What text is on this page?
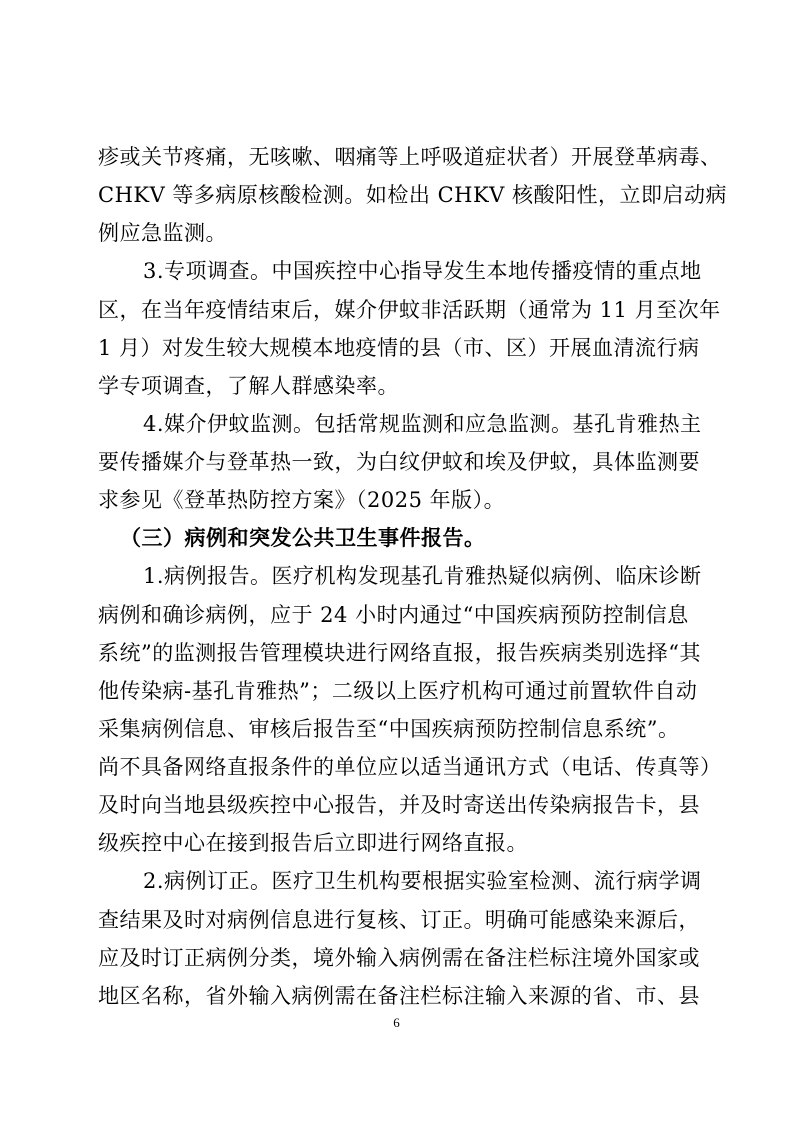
疹或关节疼痛，无咳嗽、咽痛等上呼吸道症状者）开展登革病毒、
CHKV 等多病原核酸检测。如检出 CHKV 核酸阳性，立即启动病
例应急监测。
3.专项调查。中国疾控中心指导发生本地传播疫情的重点地
区，在当年疫情结束后，媒介伊蚊非活跃期（通常为 11 月至次年
1 月）对发生较大规模本地疫情的县（市、区）开展血清流行病
学专项调查，了解人群感染率。
4.媒介伊蚊监测。包括常规监测和应急监测。基孔肯雅热主
要传播媒介与登革热一致，为白纹伊蚊和埃及伊蚊，具体监测要
求参见《登革热防控方案》（2025 年版）。
（三）病例和突发公共卫生事件报告。
1.病例报告。医疗机构发现基孔肯雅热疑似病例、临床诊断
病例和确诊病例，应于 24 小时内通过“中国疾病预防控制信息
系统”的监测报告管理模块进行网络直报，报告疾病类别选择“其
他传染病-基孔肯雅热”；二级以上医疗机构可通过前置软件自动
采集病例信息、审核后报告至“中国疾病预防控制信息系统”。
尚不具备网络直报条件的单位应以适当通讯方式（电话、传真等）
及时向当地县级疾控中心报告，并及时寄送出传染病报告卡，县
级疾控中心在接到报告后立即进行网络直报。
2.病例订正。医疗卫生机构要根据实验室检测、流行病学调
查结果及时对病例信息进行复核、订正。明确可能感染来源后，
应及时订正病例分类，境外输入病例需在备注栏标注境外国家或
地区名称，省外输入病例需在备注栏标注输入来源的省、市、县
6
